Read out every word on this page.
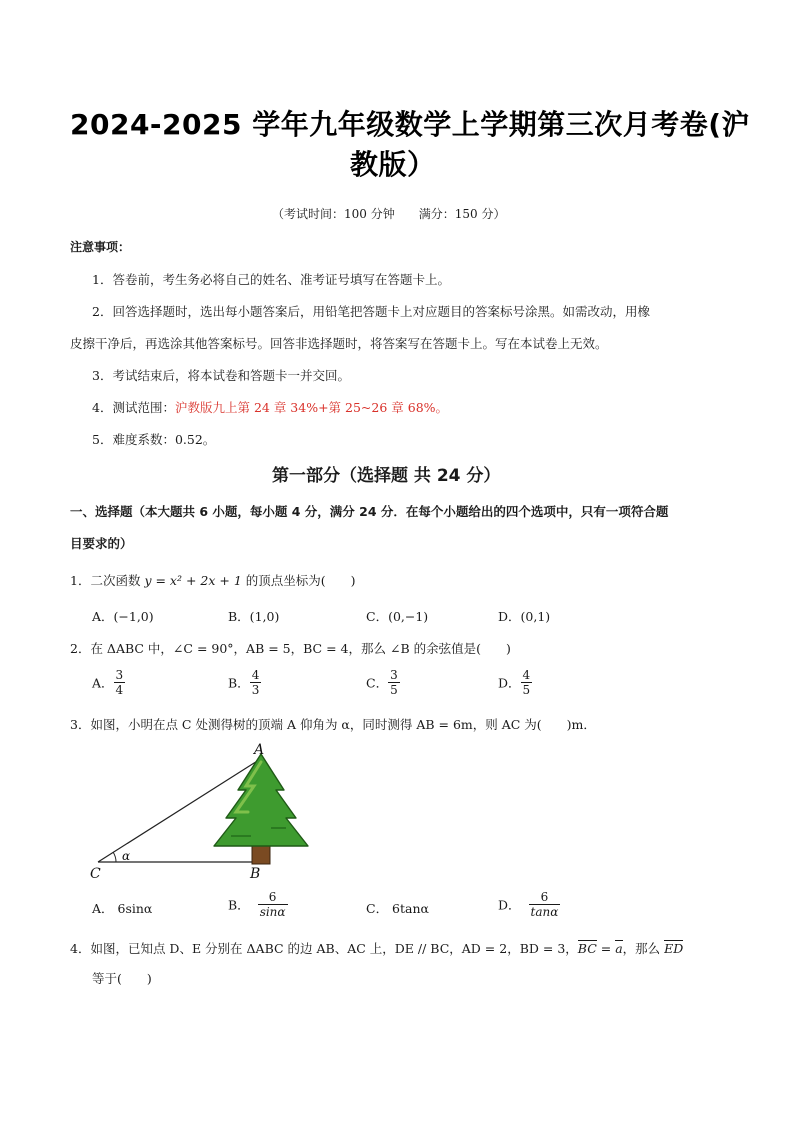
2024-2025 学年九年级数学上学期第三次月考卷(沪
教版）
（考试时间：100 分钟　　满分：150 分）
注意事项：
1．答卷前，考生务必将自己的姓名、准考证号填写在答题卡上。
2．回答选择题时，选出每小题答案后，用铅笔把答题卡上对应题目的答案标号涂黑。如需改动，用橡
皮擦干净后，再选涂其他答案标号。回答非选择题时，将答案写在答题卡上。写在本试卷上无效。
3．考试结束后，将本试卷和答题卡一并交回。
4．测试范围：沪教版九上第 24 章 34%+第 25~26 章 68%。
5．难度系数：0.52。
第一部分（选择题 共 24 分）
一、选择题（本大题共 6 小题，每小题 4 分，满分 24 分．在每个小题给出的四个选项中，只有一项符合题
目要求的）
1．二次函数 y = x² + 2x + 1 的顶点坐标为(　　)
A．(−1,0)	B．(1,0)	C．(0,−1)	D．(0,1)
2．在 ΔABC 中，∠C = 90°，AB = 5，BC = 4，那么 ∠B 的余弦值是(　　)
A． $\frac{3}{4}$	B． $\frac{4}{3}$	C． $\frac{3}{5}$	D． $\frac{4}{5}$
3．如图，小明在点 C 处测得树的顶端 A 仰角为 α，同时测得 AB = 6m，则 AC 为(　　)m．
A
B
C
α
A． 6sinα	B． $\frac{6}{\sin\alpha}$	C． 6tanα	D． $\frac{6}{\tan\alpha}$
4．如图，已知点 D、E 分别在 ΔABC 的边 AB、AC 上，DE // BC，AD = 2，BD = 3，BC = a，那么 ED
等于(　　)
